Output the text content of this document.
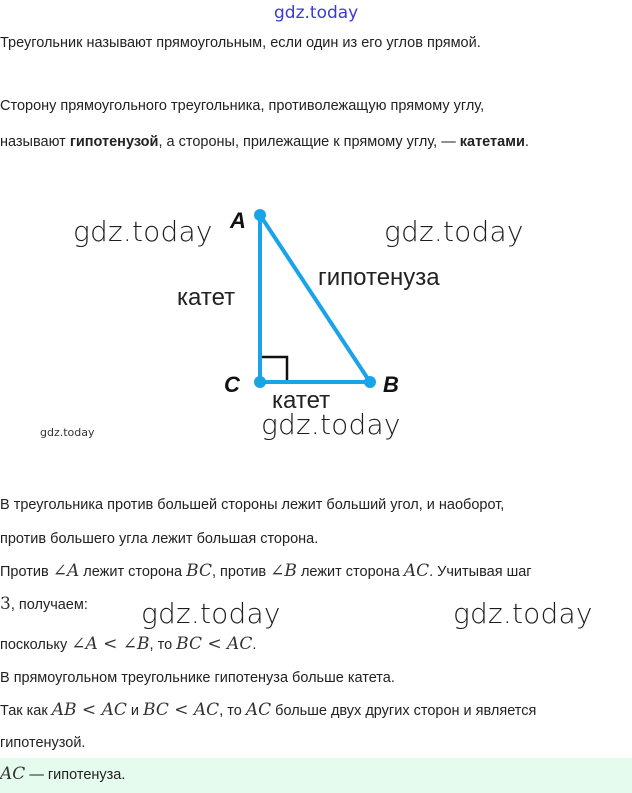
gdz.today
Треугольник называют прямоугольным, если один из его углов прямой.
Сторону прямоугольного треугольника, противолежащую прямому углу,
называют гипотенузой, а стороны, прилежащие к прямому углу, — катетами.
A
C	B
катет
гипотенуза
катет
gdz.today	gdz.today
gdz.today
gdz.today
В треугольника против большей стороны лежит больший угол, и наоборот,
против большего угла лежит большая сторона.
Против ∠A лежит сторона BC, против ∠B лежит сторона AC. Учитывая шаг
3, получаем: gdz.today	gdz.today
поскольку ∠A < ∠B, то BC < AC.
В прямоугольном треугольнике гипотенуза больше катета.
Так как AB < AC и BC < AC, то AC больше двух других сторон и является
гипотенузой.
AC — гипотенуза.
